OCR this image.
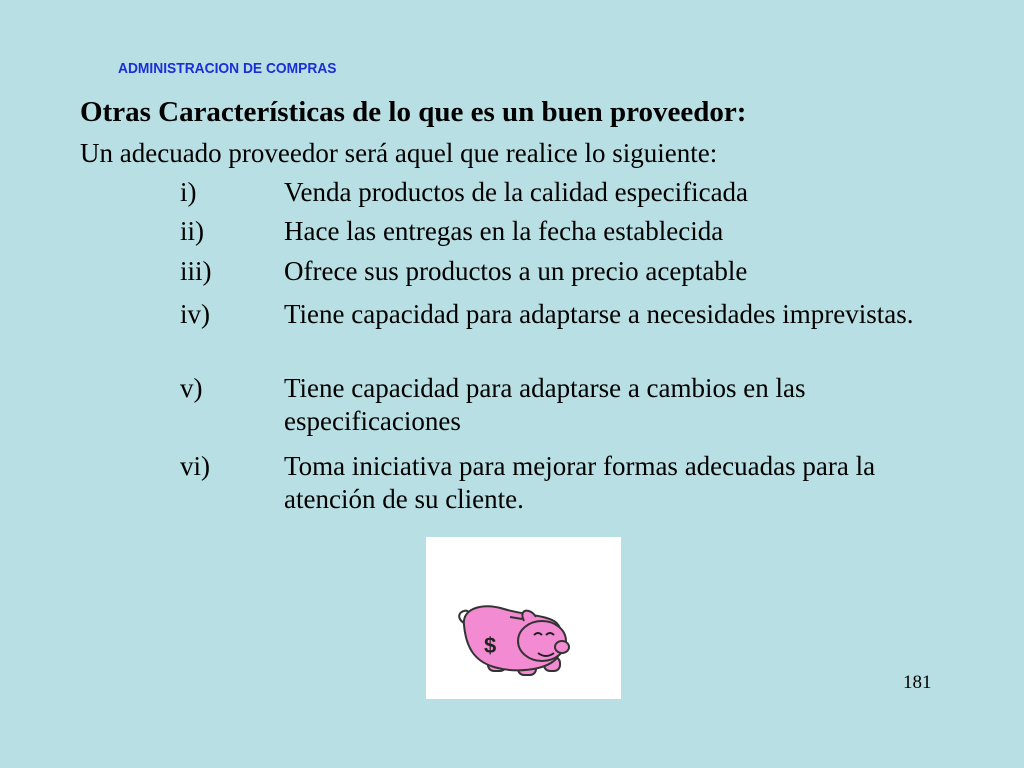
ADMINISTRACION DE COMPRAS
Otras Características de lo que es un buen proveedor:
Un adecuado proveedor será aquel que realice lo siguiente:
i)	Venda productos de la calidad especificada
ii)	Hace las entregas en la fecha establecida
iii)	Ofrece sus productos a un precio aceptable
iv)	Tiene capacidad para adaptarse a necesidades imprevistas.
v)	Tiene capacidad para adaptarse a cambios en las especificaciones
vi)	Toma iniciativa para mejorar formas adecuadas para la atención de su cliente.
$
181
